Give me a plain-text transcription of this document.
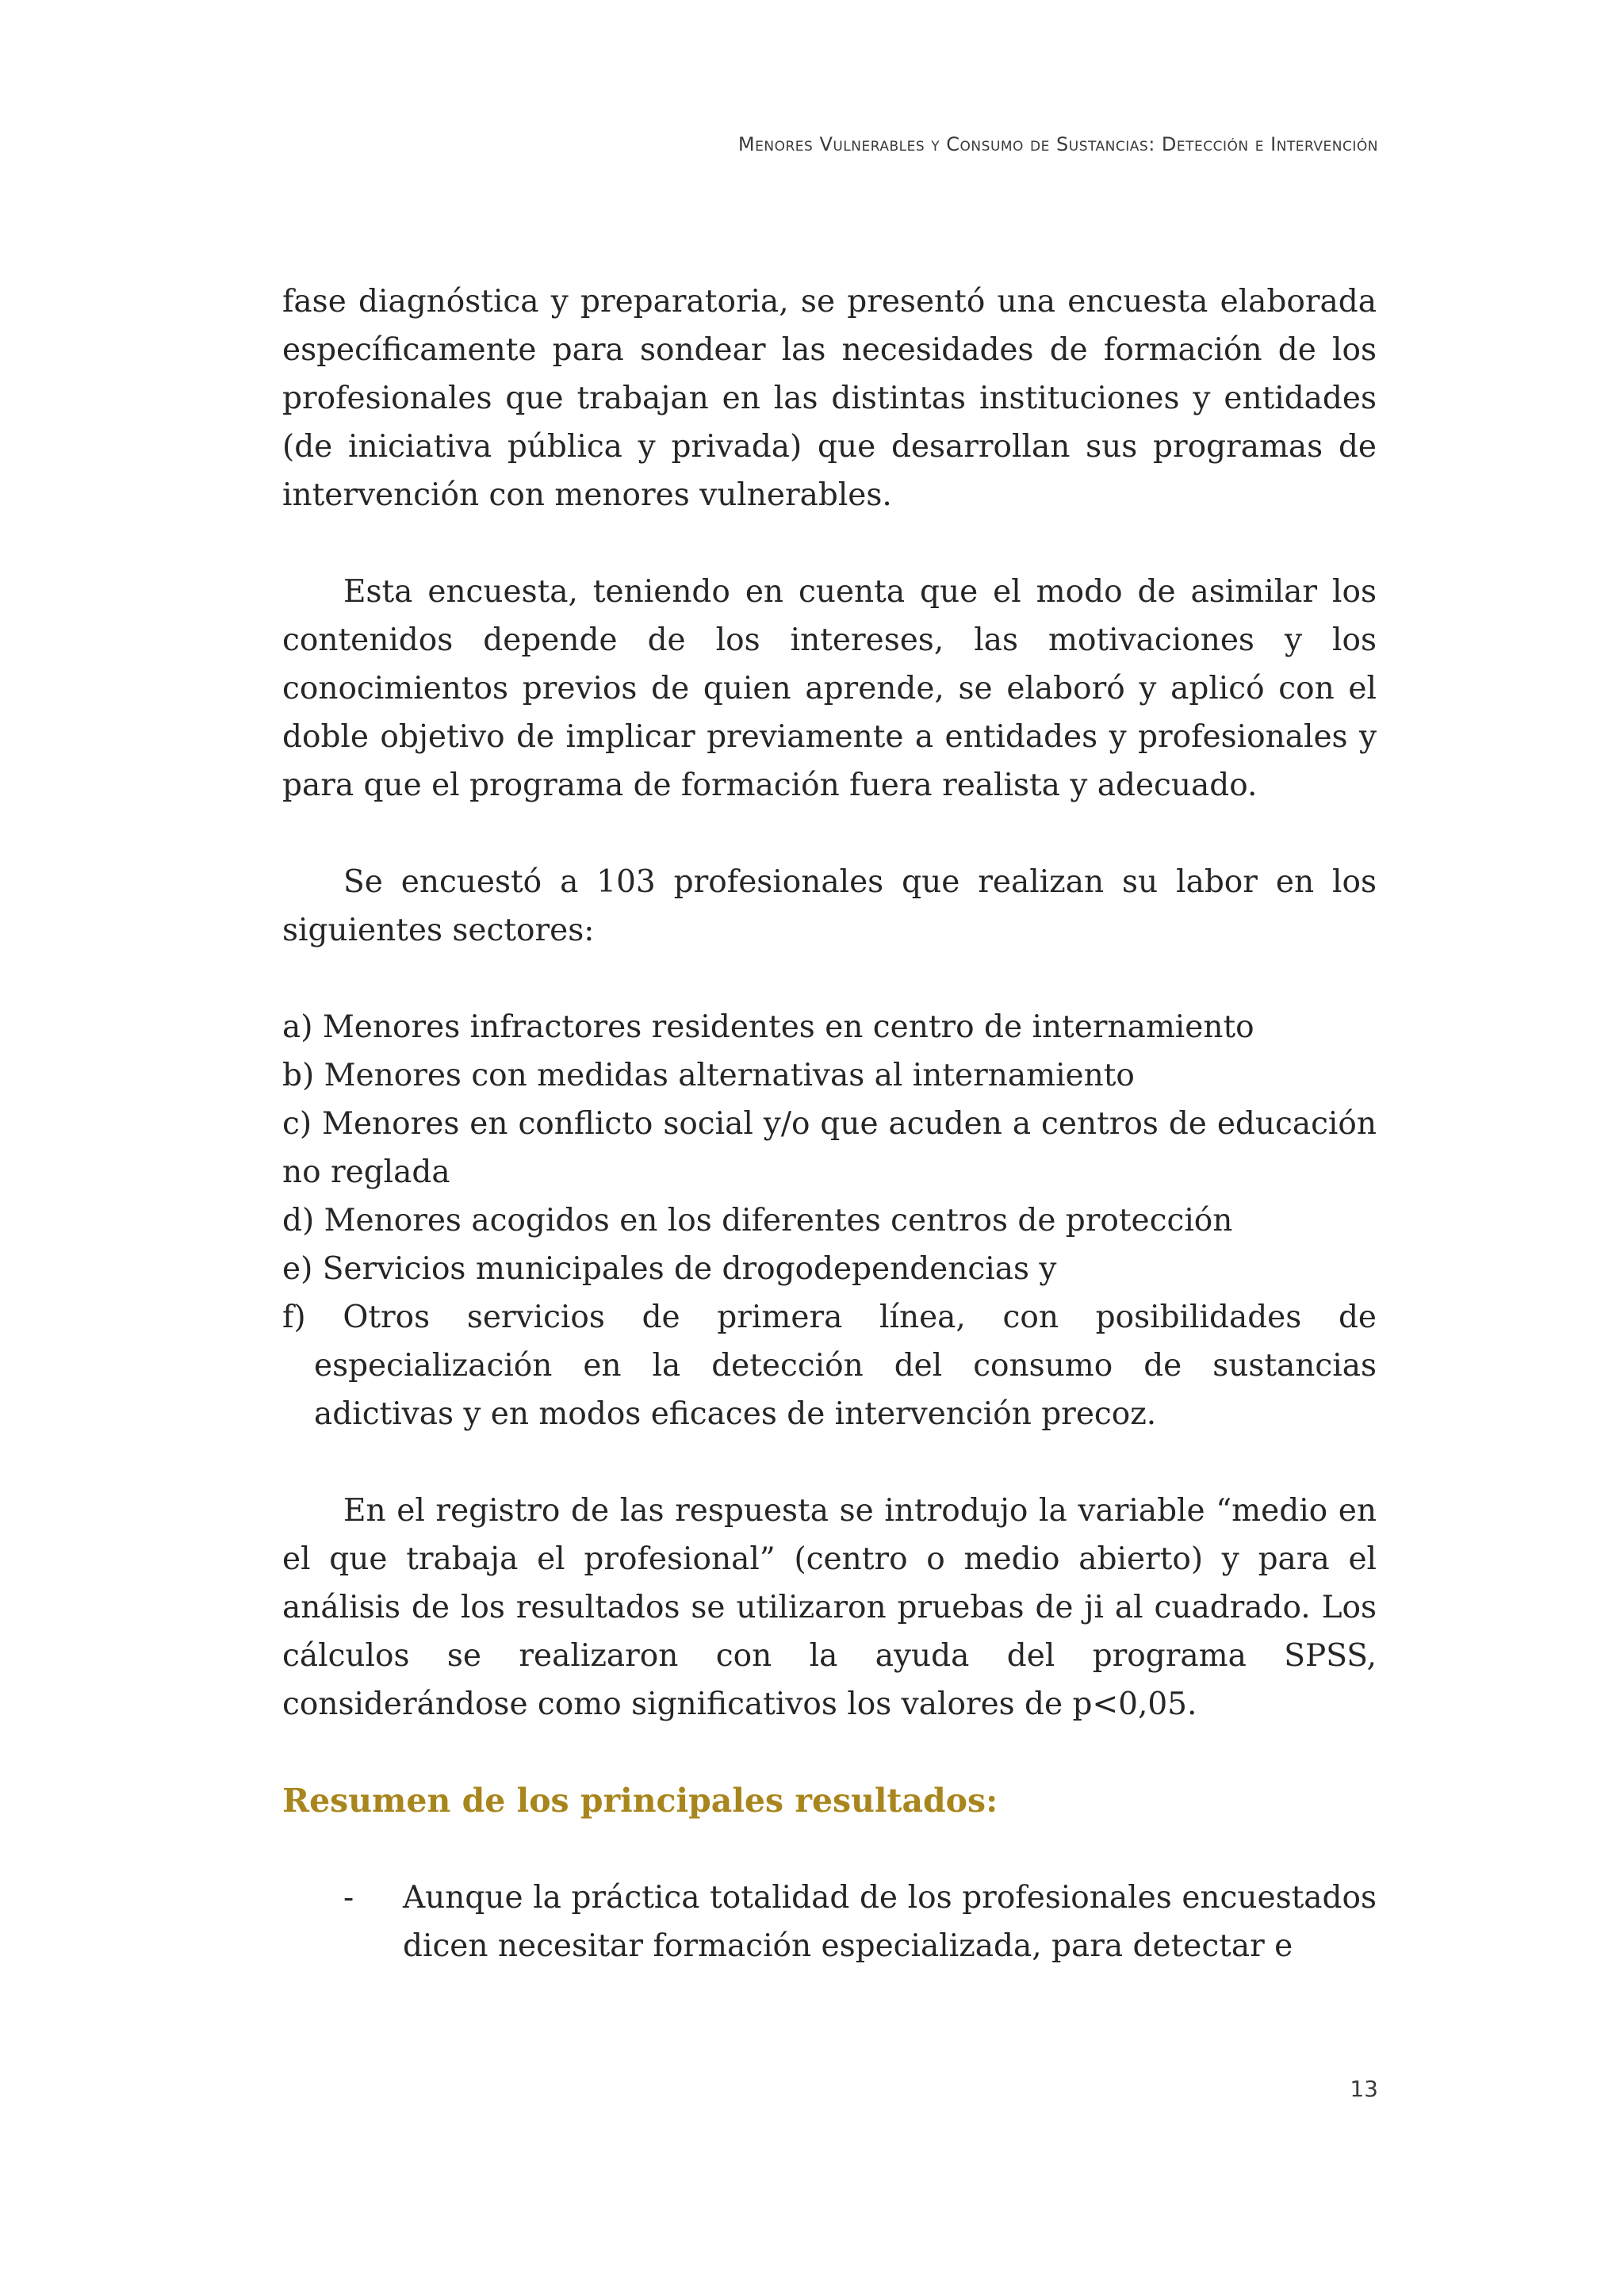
Menores Vulnerables y Consumo de Sustancias: Detección e Intervención

fase diagnóstica y preparatoria, se presentó una encuesta elaborada específicamente para sondear las necesidades de formación de los profesionales que trabajan en las distintas instituciones y entidades (de iniciativa pública y privada) que desarrollan sus programas de intervención con menores vulnerables.

Esta encuesta, teniendo en cuenta que el modo de asimilar los contenidos depende de los intereses, las motivaciones y los conocimientos previos de quien aprende, se elaboró y aplicó con el doble objetivo de implicar previamente a entidades y profesionales y para que el programa de formación fuera realista y adecuado.

Se encuestó a 103 profesionales que realizan su labor en los siguientes sectores:

a) Menores infractores residentes en centro de internamiento

b) Menores con medidas alternativas al internamiento

c) Menores en conflicto social y/o que acuden a centros de educación no reglada

d) Menores acogidos en los diferentes centros de protección

e) Servicios municipales de drogodependencias y

f) Otros servicios de primera línea, con posibilidades de especialización en la detección del consumo de sustancias adictivas y en modos eficaces de intervención precoz.

En el registro de las respuesta se introdujo la variable “medio en el que trabaja el profesional” (centro o medio abierto) y para el análisis de los resultados se utilizaron pruebas de ji al cuadrado. Los cálculos se realizaron con la ayuda del programa SPSS, considerándose como significativos los valores de p<0,05.

Resumen de los principales resultados:
- Aunque la práctica totalidad de los profesionales encuestados dicen necesitar formación especializada, para detectar e
13
